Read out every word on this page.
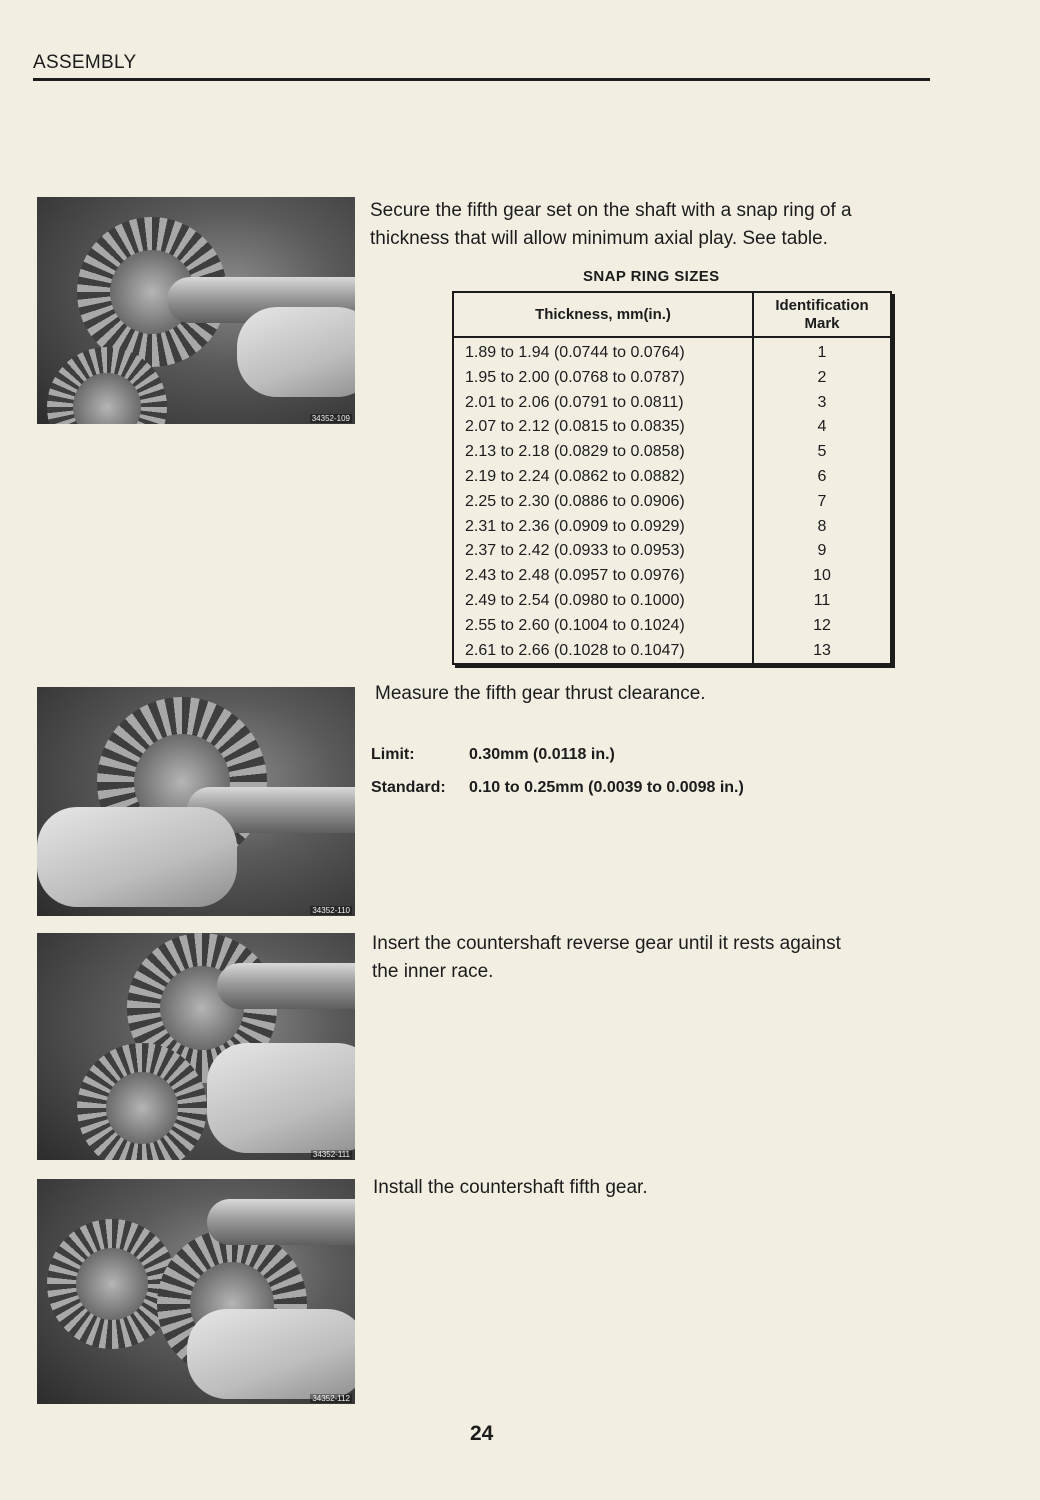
ASSEMBLY
34352-109
Secure the fifth gear set on the shaft with a snap ring of a thickness that will allow minimum axial play. See table.
SNAP RING SIZES
Thickness, mm(in.)	Identification Mark
1.89 to 1.94 (0.0744 to 0.0764)	1
1.95 to 2.00 (0.0768 to 0.0787)	2
2.01 to 2.06 (0.0791 to 0.0811)	3
2.07 to 2.12 (0.0815 to 0.0835)	4
2.13 to 2.18 (0.0829 to 0.0858)	5
2.19 to 2.24 (0.0862 to 0.0882)	6
2.25 to 2.30 (0.0886 to 0.0906)	7
2.31 to 2.36 (0.0909 to 0.0929)	8
2.37 to 2.42 (0.0933 to 0.0953)	9
2.43 to 2.48 (0.0957 to 0.0976)	10
2.49 to 2.54 (0.0980 to 0.1000)	11
2.55 to 2.60 (0.1004 to 0.1024)	12
2.61 to 2.66 (0.1028 to 0.1047)	13
34352-110
Measure the fifth gear thrust clearance.
Limit:	0.30mm (0.0118 in.)
Standard: 0.10 to 0.25mm (0.0039 to 0.0098 in.)
34352-111
Insert the countershaft reverse gear until it rests against the inner race.
34352-112
Install the countershaft fifth gear.
24
